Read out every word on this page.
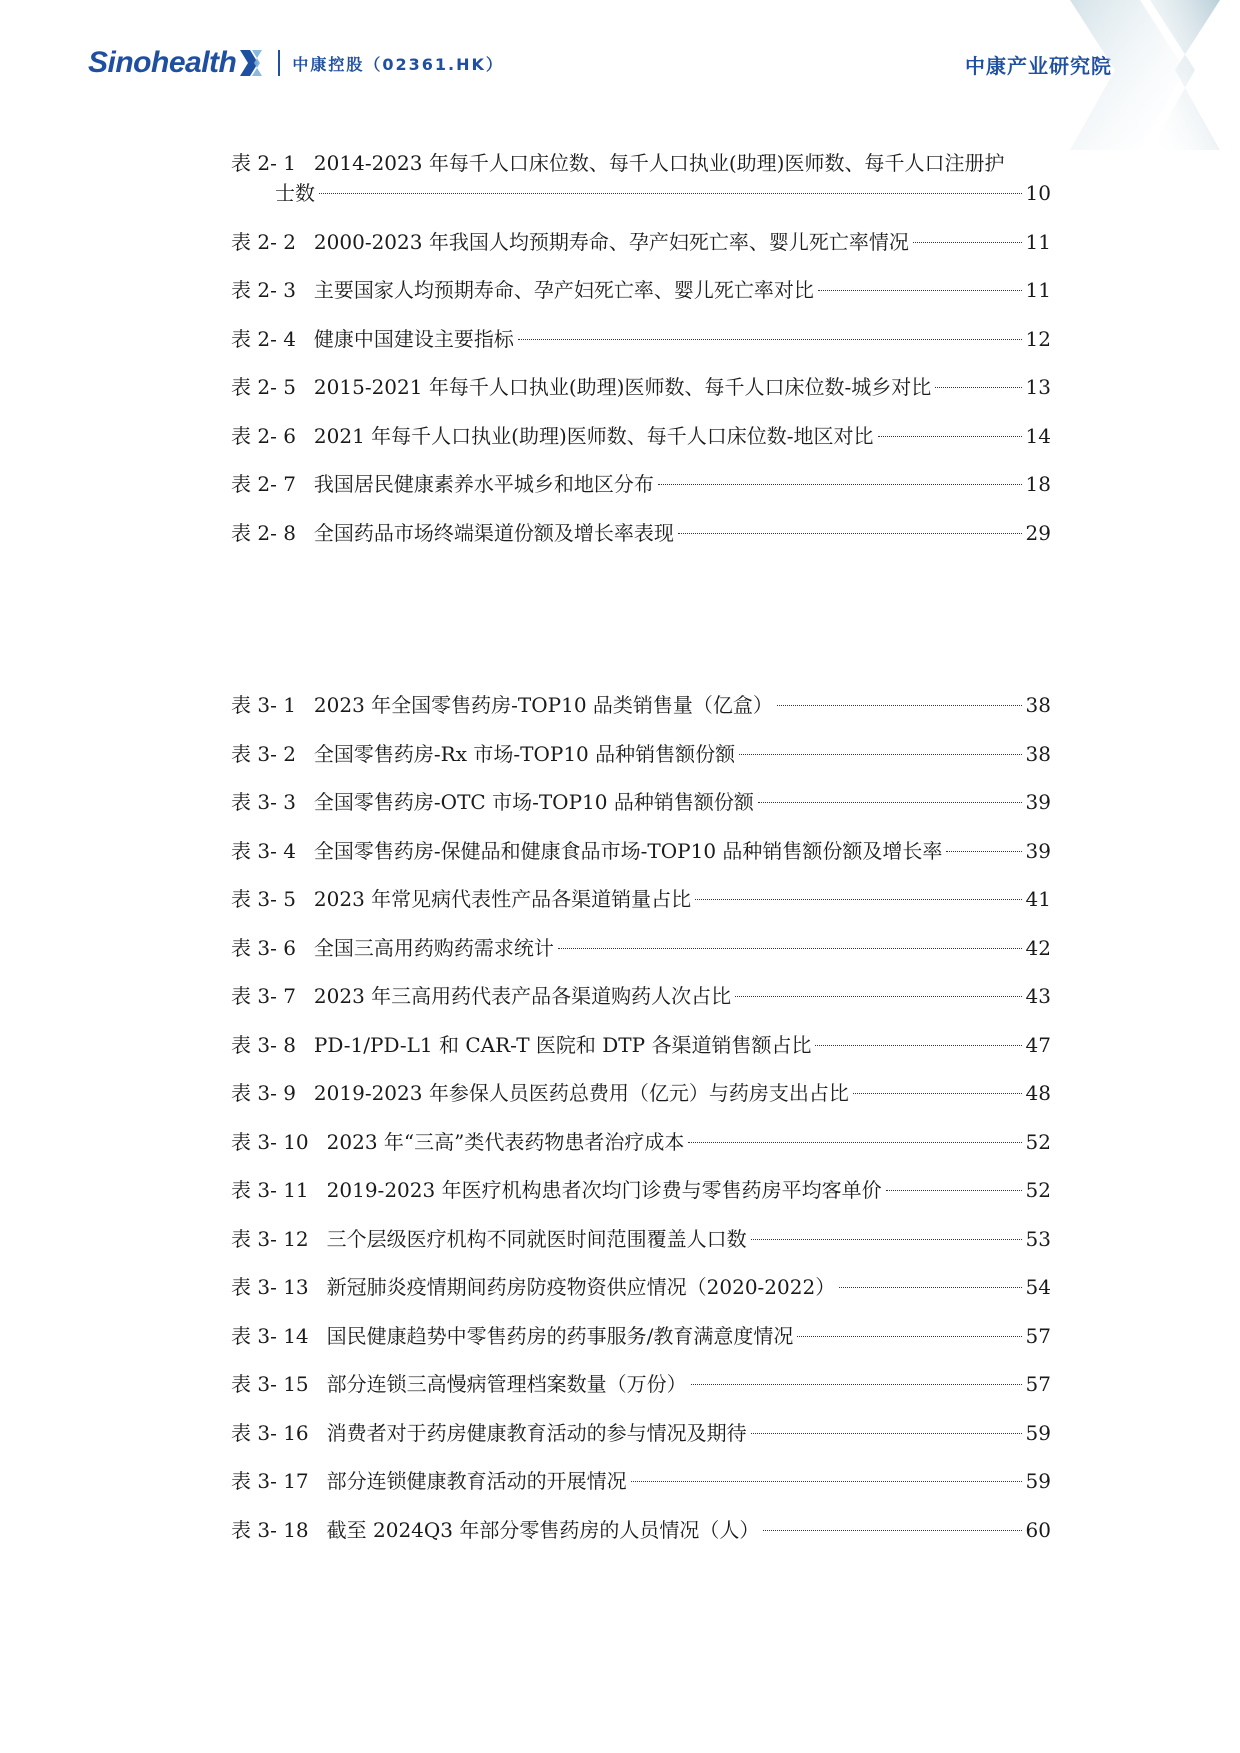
Sinohealth	中康控股（02361.HK）	中康产业研究院
表 2- 1 2014-2023 年每千人口床位数、每千人口执业(助理)医师数、每千人口注册护
士数	10
表 2- 2 2000-2023 年我国人均预期寿命、孕产妇死亡率、婴儿死亡率情况	11
表 2- 3 主要国家人均预期寿命、孕产妇死亡率、婴儿死亡率对比	11
表 2- 4 健康中国建设主要指标	12
表 2- 5 2015-2021 年每千人口执业(助理)医师数、每千人口床位数-城乡对比	13
表 2- 6 2021 年每千人口执业(助理)医师数、每千人口床位数-地区对比	14
表 2- 7 我国居民健康素养水平城乡和地区分布	18
表 2- 8 全国药品市场终端渠道份额及增长率表现	29
表 3- 1 2023 年全国零售药房-TOP10 品类销售量（亿盒）	38
表 3- 2 全国零售药房-Rx 市场-TOP10 品种销售额份额	38
表 3- 3 全国零售药房-OTC 市场-TOP10 品种销售额份额	39
表 3- 4 全国零售药房-保健品和健康食品市场-TOP10 品种销售额份额及增长率	39
表 3- 5 2023 年常见病代表性产品各渠道销量占比	41
表 3- 6 全国三高用药购药需求统计	42
表 3- 7 2023 年三高用药代表产品各渠道购药人次占比	43
表 3- 8 PD-1/PD-L1 和 CAR-T 医院和 DTP 各渠道销售额占比	47
表 3- 9 2019-2023 年参保人员医药总费用（亿元）与药房支出占比	48
表 3- 10 2023 年“三高”类代表药物患者治疗成本	52
表 3- 11 2019-2023 年医疗机构患者次均门诊费与零售药房平均客单价	52
表 3- 12 三个层级医疗机构不同就医时间范围覆盖人口数	53
表 3- 13 新冠肺炎疫情期间药房防疫物资供应情况（2020-2022）	54
表 3- 14 国民健康趋势中零售药房的药事服务/教育满意度情况	57
表 3- 15 部分连锁三高慢病管理档案数量（万份）	57
表 3- 16 消费者对于药房健康教育活动的参与情况及期待	59
表 3- 17 部分连锁健康教育活动的开展情况	59
表 3- 18 截至 2024Q3 年部分零售药房的人员情况（人）	60
